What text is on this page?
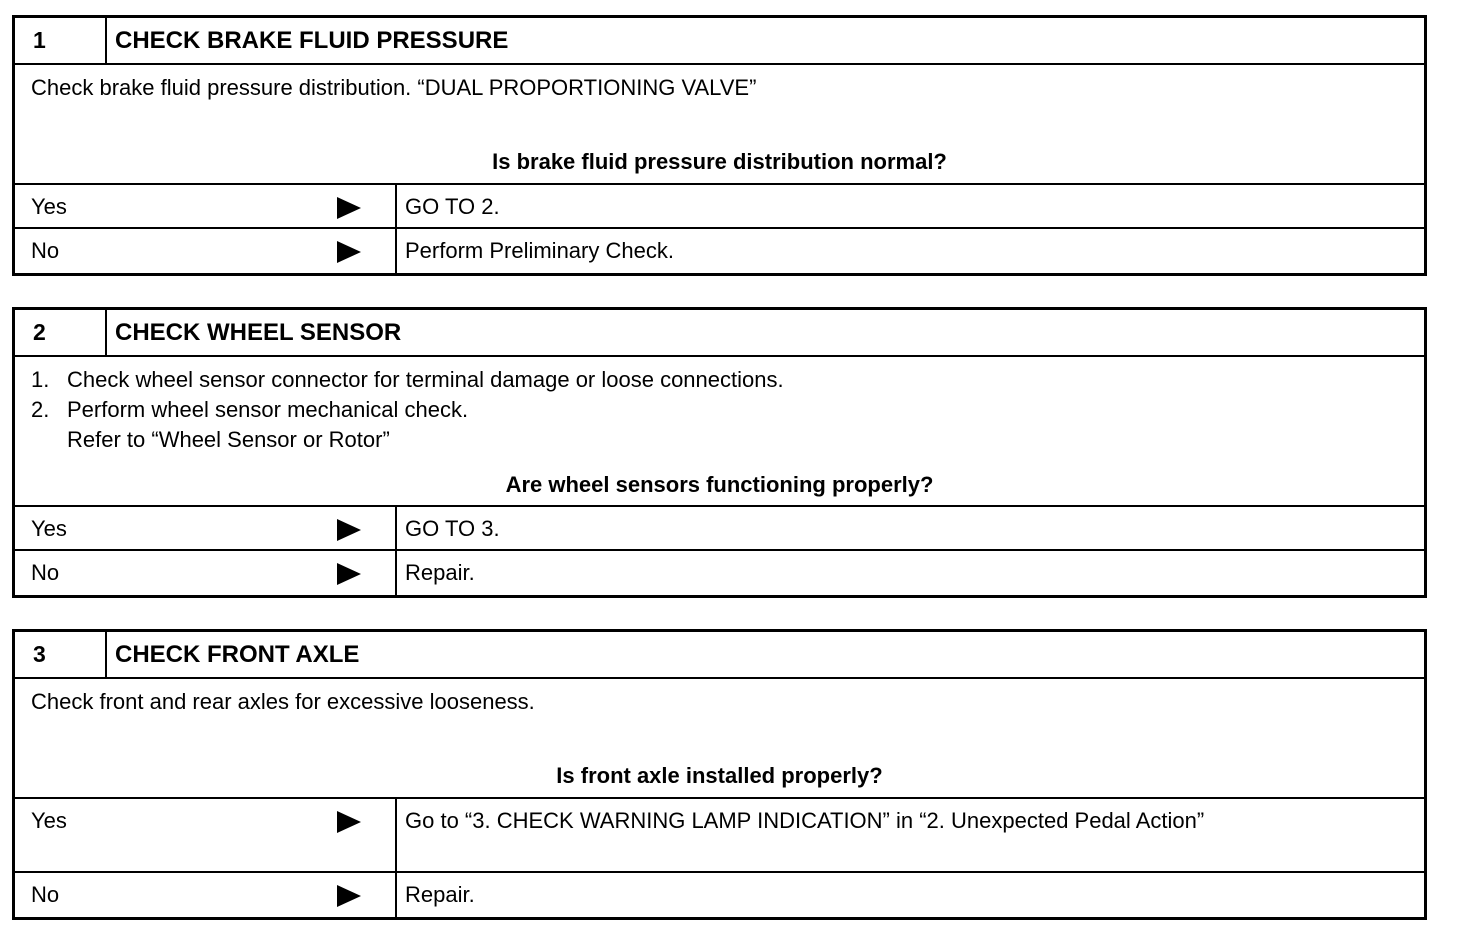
1	CHECK BRAKE FLUID PRESSURE
Check brake fluid pressure distribution. “DUAL PROPORTIONING VALVE”
Is brake fluid pressure distribution normal?
Yes	GO TO 2.
No	Perform Preliminary Check.
2	CHECK WHEEL SENSOR
1. Check wheel sensor connector for terminal damage or loose connections.
2. Perform wheel sensor mechanical check.
Refer to “Wheel Sensor or Rotor”
Are wheel sensors functioning properly?
Yes	GO TO 3.
No	Repair.
3	CHECK FRONT AXLE
Check front and rear axles for excessive looseness.
Is front axle installed properly?
Yes	Go to “3. CHECK WARNING LAMP INDICATION” in “2. Unexpected Pedal Action”
No	Repair.
